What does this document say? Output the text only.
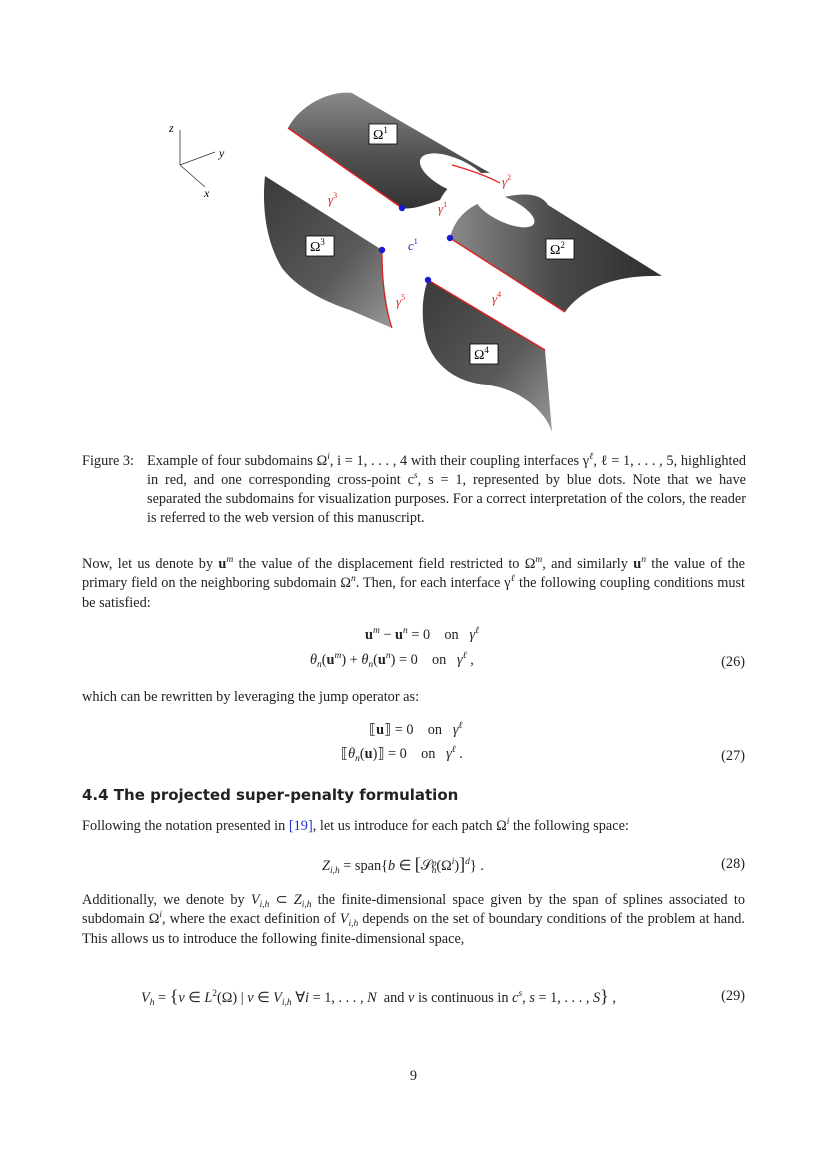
z
y
x
$\Omega^1$
$\Omega^2$
$\Omega^3$
$\Omega^4$
$\gamma^1$
$\gamma^2$
$\gamma^3$
$\gamma^4$
$\gamma^5$
$c^1$
Figure 3: Example of four subdomains $\Omega^i$, i = 1, . . . , 4 with their coupling interfaces $\gamma^\ell$, ℓ = 1, . . . , 5, highlighted in red, and one corresponding cross-point $c^s$, s = 1, represented by blue dots. Note that we have separated the subdomains for visualization purposes. For a correct interpretation of the colors, the reader is referred to the web version of this manuscript.
Now, let us denote by $u^m$ the value of the displacement field restricted to $\Omega^m$, and similarly $u^n$ the value of the primary field on the neighboring subdomain $\Omega^n$. Then, for each interface $\gamma^\ell$ the following coupling conditions must be satisfied:
$u^m - u^n = 0$    on   $\gamma^\ell$
$\theta_n(u^m) + \theta_n(u^n) = 0$    on   $\gamma^\ell$ ,	(26)
which can be rewritten by leveraging the jump operator as:
⟦u⟧ = 0    on   $\gamma^\ell$
$⟦\theta_n(u)⟧ = 0$    on   $\gamma^\ell$ .	(27)
4.4 The projected super-penalty formulation
Following the notation presented in [19], let us introduce for each patch $\Omega^i$ the following space:
$Z_{i,h}$ = span{b ∈ $[𝒮^p_h(\Omega^i)]^d$} .	(28)
Additionally, we denote by $V_{i,h}$ ⊂ $Z_{i,h}$ the finite-dimensional space given by the span of splines associated to subdomain $\Omega^i$, where the exact definition of $V_{i,h}$ depends on the set of boundary conditions of the problem at hand. This allows us to introduce the following finite-dimensional space,
$V_h = \{v$ ∈ $L^2(\Omega)$ | v ∈ $V_{i,h}$ ∀i = 1, . . . , N  and v is continuous in $c^s$, s = 1, . . . , S} ,	(29)
9
